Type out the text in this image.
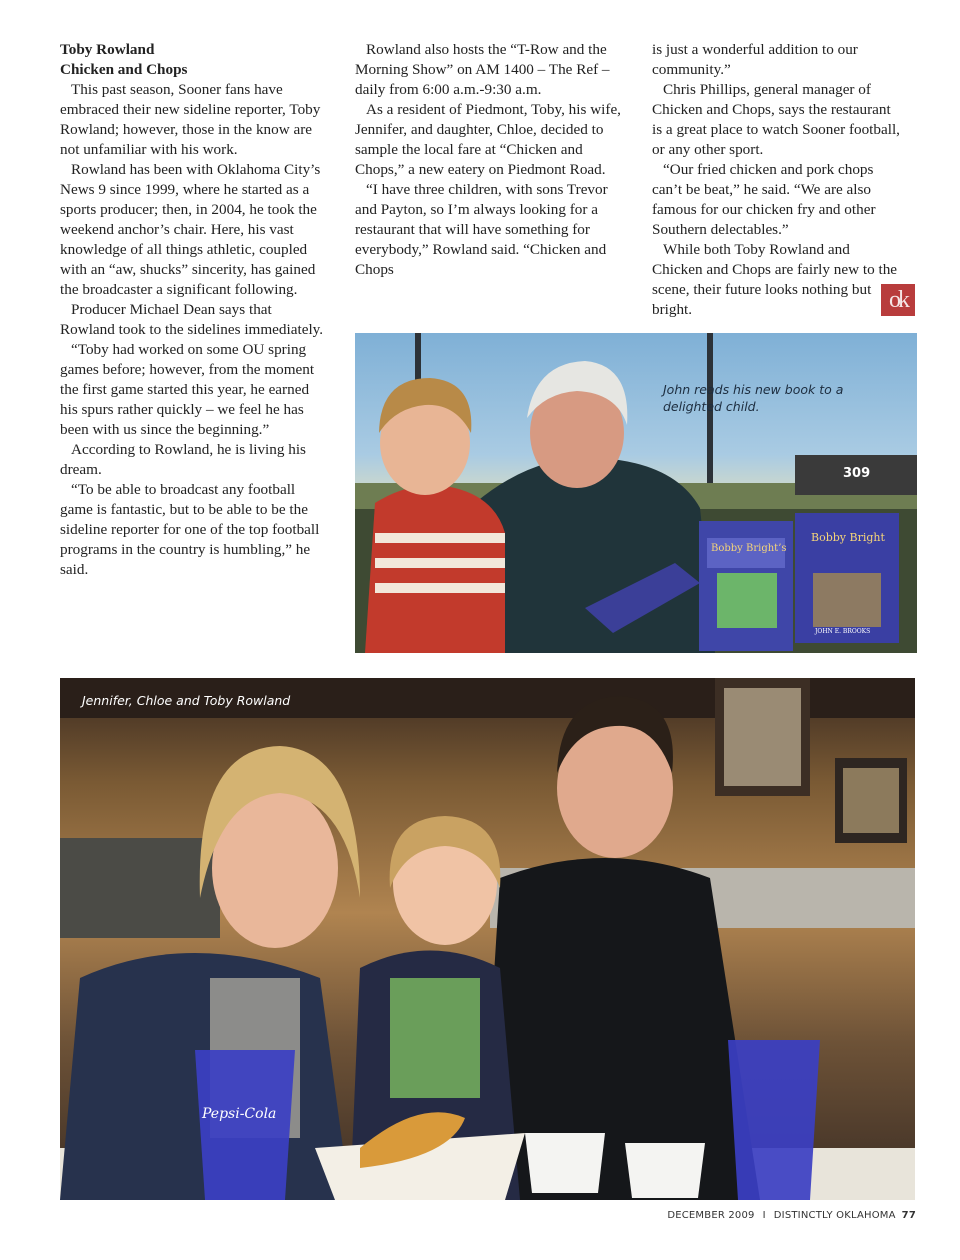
Toby Rowland

Chicken and Chops

This past season, Sooner fans have embraced their new sideline reporter, Toby Rowland; however, those in the know are not unfamiliar with his work.

Rowland has been with Oklahoma City’s News 9 since 1999, where he started as a sports producer; then, in 2004, he took the weekend anchor’s chair. Here, his vast knowledge of all things athletic, coupled with an “aw, shucks” sincerity, has gained the broadcaster a significant following.

Producer Michael Dean says that Rowland took to the sidelines immediately.

“Toby had worked on some OU spring games before; however, from the moment the first game started this year, he earned his spurs rather quickly – we feel he has been with us since the beginning.”

According to Rowland, he is living his dream.

“To be able to broadcast any football game is fantastic, but to be able to be the sideline reporter for one of the top football programs in the country is humbling,” he said.

Rowland also hosts the “T-Row and the Morning Show” on AM 1400 – The Ref – daily from 6:00 a.m.-9:30 a.m.

As a resident of Piedmont, Toby, his wife, Jennifer, and daughter, Chloe, decided to sample the local fare at “Chicken and Chops,” a new eatery on Piedmont Road.

“I have three children, with sons Trevor and Payton, so I’m always looking for a restaurant that will have something for everybody,” Rowland said. “Chicken and Chops

is just a wonderful addition to our community.”

Chris Phillips, general manager of Chicken and Chops, says the restaurant is a great place to watch Sooner football, or any other sport.

“Our fried chicken and pork chops can’t be beat,” he said. “We are also famous for our chicken fry and other Southern delectables.”

While both Toby Rowland and Chicken and Chops are fairly new to the scene, their future looks nothing but bright.	ok
309
Bobby Bright’s
Bobby Bright
JOHN E. BROOKS
John reads his new book to a delighted child.
Pepsi-Cola
Jennifer, Chloe and Toby Rowland
DECEMBER 2009 I DISTINCTLY OKLAHOMA 77
